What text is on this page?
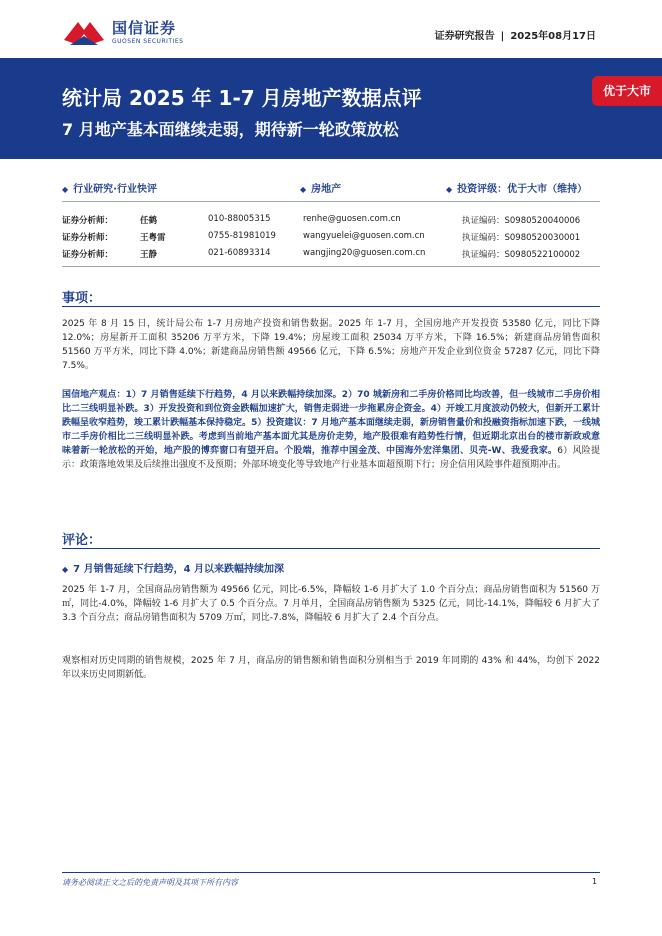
国信证券
GUOSEN SECURITIES	证券研究报告 | 2025年08月17日
统计局 2025 年 1-7 月房地产数据点评
7 月地产基本面继续走弱，期待新一轮政策放松
优于大市
◆ 行业研究·行业快评	◆ 房地产	◆ 投资评级：优于大市（维持）
证券分析师：	任鹤	010-88005315	renhe@guosen.com.cn	执证编码：S0980520040006
证券分析师：	王粤雷	0755-81981019	wangyuelei@guosen.com.cn	执证编码：S0980520030001
证券分析师：	王静	021-60893314	wangjing20@guosen.com.cn	执证编码：S0980522100002
事项：
2025 年 8 月 15 日，统计局公布 1-7 月房地产投资和销售数据。2025 年 1-7 月，全国房地产开发投资 53580 亿元，同比下降 12.0%；房屋新开工面积 35206 万平方米，下降 19.4%；房屋竣工面积 25034 万平方米，下降 16.5%；新建商品房销售面积 51560 万平方米，同比下降 4.0%；新建商品房销售额 49566 亿元，下降 6.5%；房地产开发企业到位资金 57287 亿元，同比下降 7.5%。
国信地产观点：1）7 月销售延续下行趋势，4 月以来跌幅持续加深。2）70 城新房和二手房价格同比均改善，但一线城市二手房价相比二三线明显补跌。3）开发投资和到位资金跌幅加速扩大，销售走弱进一步拖累房企资金。4）开竣工月度波动仍较大，但新开工累计跌幅呈收窄趋势，竣工累计跌幅基本保持稳定。5）投资建议：7 月地产基本面继续走弱，新房销售量价和投融资指标加速下跌，一线城市二手房价相比二三线明显补跌。考虑到当前地产基本面尤其是房价走势，地产股很难有趋势性行情，但近期北京出台的楼市新政或意味着新一轮放松的开始，地产股的博弈窗口有望开启。个股端，推荐中国金茂、中国海外宏洋集团、贝壳-W、我爱我家。6）风险提示：政策落地效果及后续推出强度不及预期；外部环境变化等导致地产行业基本面超预期下行；房企信用风险事件超预期冲击。
评论：
◆ 7 月销售延续下行趋势，4 月以来跌幅持续加深
2025 年 1-7 月，全国商品房销售额为 49566 亿元，同比-6.5%，降幅较 1-6 月扩大了 1.0 个百分点；商品房销售面积为 51560 万㎡，同比-4.0%，降幅较 1-6 月扩大了 0.5 个百分点。7 月单月，全国商品房销售额为 5325 亿元，同比-14.1%，降幅较 6 月扩大了 3.3 个百分点；商品房销售面积为 5709 万㎡，同比-7.8%，降幅较 6 月扩大了 2.4 个百分点。
观察相对历史同期的销售规模，2025 年 7 月，商品房的销售额和销售面积分别相当于 2019 年同期的 43% 和 44%，均创下 2022 年以来历史同期新低。
请务必阅读正文之后的免责声明及其项下所有内容	1
